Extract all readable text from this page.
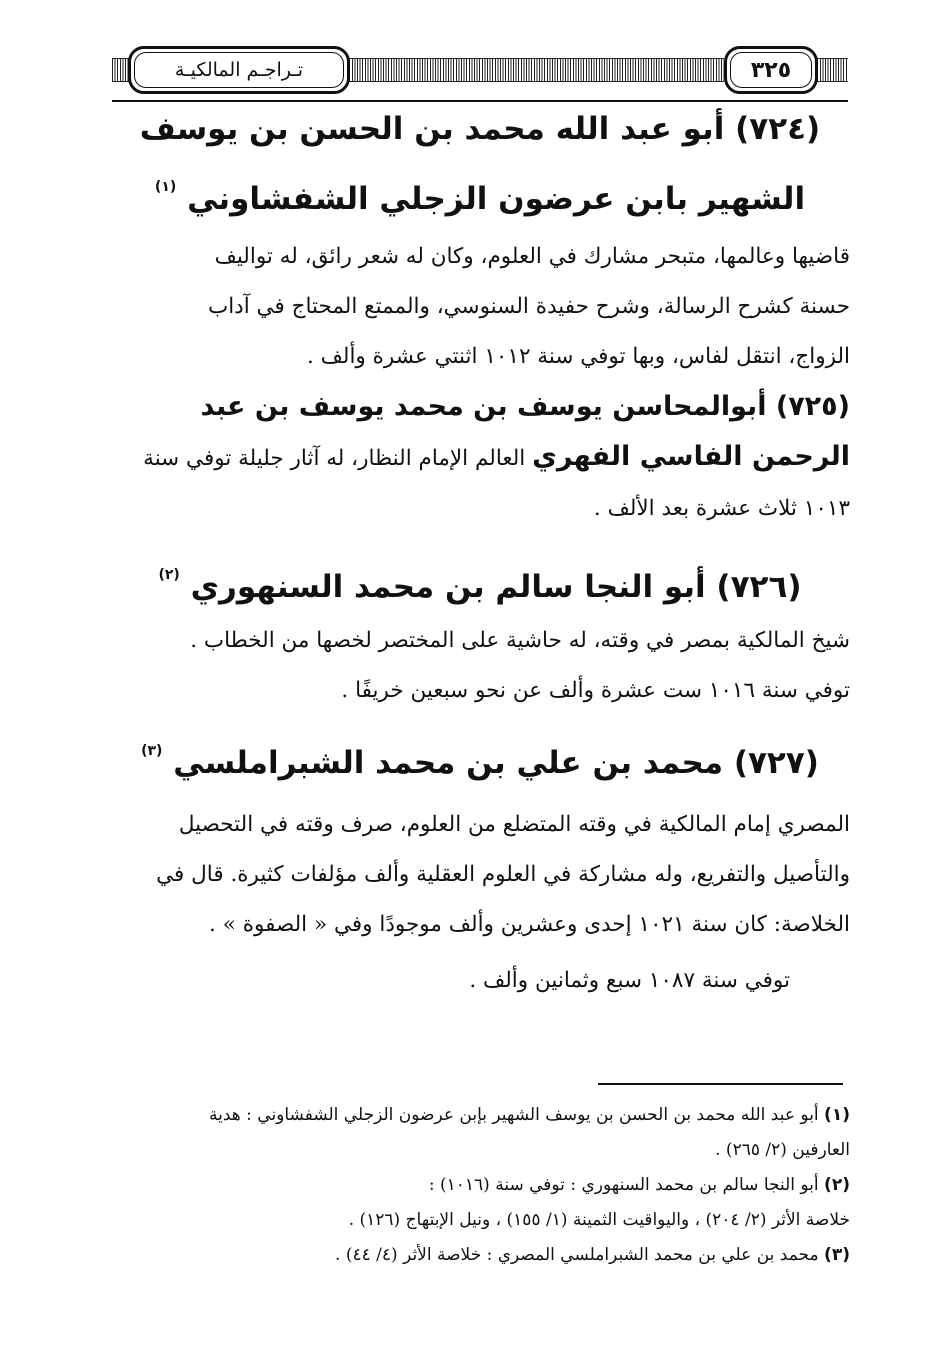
تـراجـم المالكيـة	٣٢٥
(٧٢٤) أبو عبد الله محمد بن الحسن بن يوسف
الشهير بابن عرضون الزجلي الشفشاوني $^{(١)}$
قاضيها وعالمها، متبحر مشارك في العلوم، وكان له شعر رائق، له تواليف
حسنة كشرح الرسالة، وشرح حفيدة السنوسي، والممتع المحتاج في آداب
الزواج، انتقل لفاس، وبها توفي سنة ١٠١٢ اثنتي عشرة وألف .
(٧٢٥) أبوالمحاسن يوسف بن محمد يوسف بن عبد
الرحمن الفاسي الفهري العالم الإمام النظار، له آثار جليلة توفي سنة
١٠١٣ ثلاث عشرة بعد الألف .
(٧٢٦) أبو النجا سالم بن محمد السنهوري $^{(٢)}$
شيخ المالكية بمصر في وقته، له حاشية على المختصر لخصها من الخطاب .
توفي سنة ١٠١٦ ست عشرة وألف عن نحو سبعين خريفًا .
(٧٢٧) محمد بن علي بن محمد الشبراملسي $^{(٣)}$
المصري إمام المالكية في وقته المتضلع من العلوم، صرف وقته في التحصيل
والتأصيل والتفريع، وله مشاركة في العلوم العقلية وألف مؤلفات كثيرة. قال في
الخلاصة: كان سنة ١٠٢١ إحدى وعشرين وألف موجودًا وفي « الصفوة » .
توفي سنة ١٠٨٧ سبع وثمانين وألف .
(١) أبو عبد الله محمد بن الحسن بن يوسف الشهير بإبن عرضون الزجلي الشفشاوني : هدية
العارفين (٢/ ٢٦٥) .
(٢) أبو النجا سالم بن محمد السنهوري : توفي سنة (١٠١٦) :
خلاصة الأثر (٢/ ٢٠٤) ، واليواقيت الثمينة (١/ ١٥٥) ، ونيل الإبتهاج (١٢٦) .
(٣) محمد بن علي بن محمد الشبراملسي المصري : خلاصة الأثر (٤/ ٤٤) .
